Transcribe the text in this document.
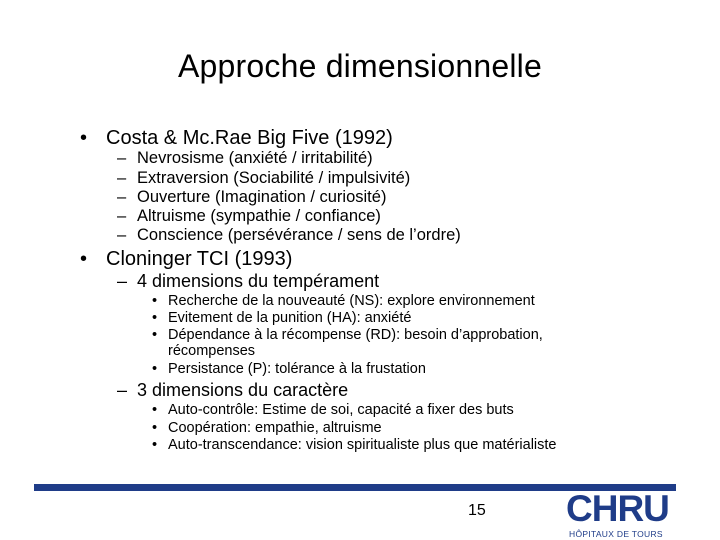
Approche dimensionnelle
• Costa & Mc.Rae Big Five (1992)
– Nevrosisme (anxiété / irritabilité)
– Extraversion (Sociabilité / impulsivité)
– Ouverture (Imagination / curiosité)
– Altruisme (sympathie / confiance)
– Conscience (persévérance / sens de l’ordre)
• Cloninger TCI (1993)
– 4 dimensions du tempérament
• Recherche de la nouveauté (NS): explore environnement
• Evitement de la punition (HA): anxiété
• Dépendance à la récompense (RD): besoin d’approbation,
récompenses
• Persistance (P): tolérance à la frustation
– 3 dimensions du caractère
• Auto-contrôle: Estime de soi, capacité a fixer des buts
• Coopération: empathie, altruisme
• Auto-transcendance: vision spiritualiste plus que matérialiste
15 CHRU
HÔPITAUX DE TOURS
